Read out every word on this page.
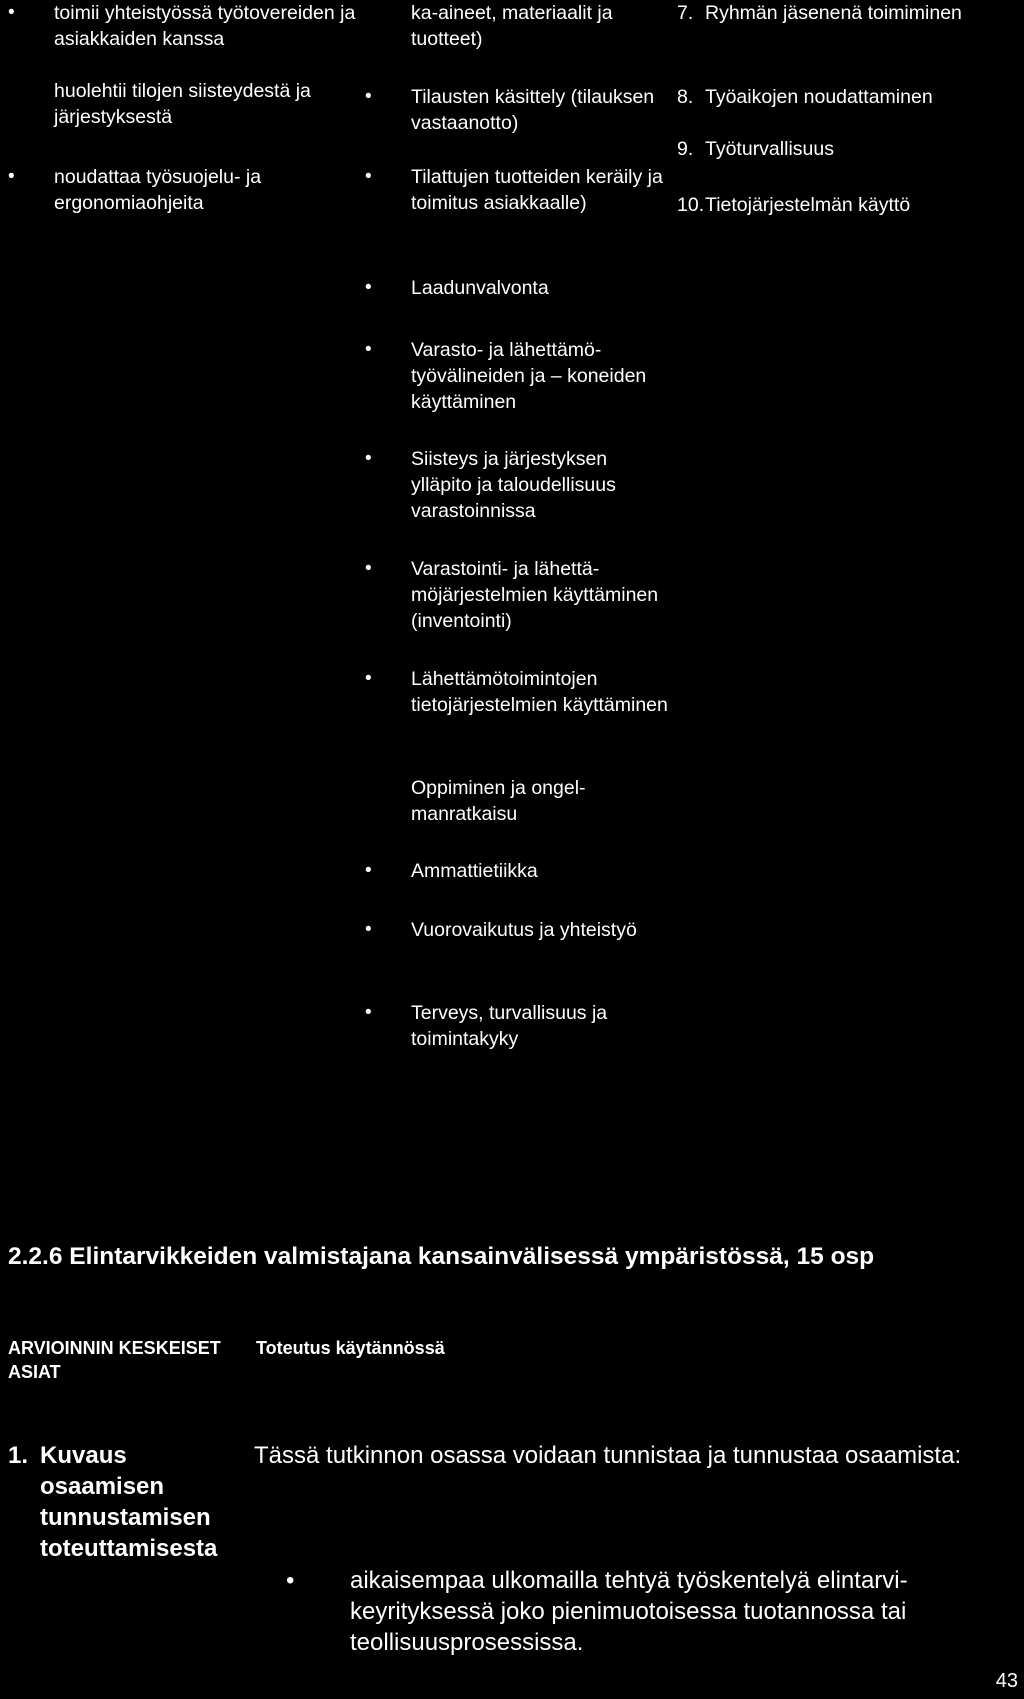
• toimii yhteistyössä työtovereiden ja asiakkaiden kanssa
huolehtii tilojen siisteydestä ja järjestyksestä
• noudattaa työsuojelu- ja ergonomiaohjeita
ka-aineet, materiaalit ja tuotteet)
• Tilausten käsittely (tilauksen vastaanotto)
• Tilattujen tuotteiden keräily ja toimitus asiakkaalle)
• Laadunvalvonta
• Varasto- ja lähettämötyövälineiden ja – koneiden käyttäminen
• Siisteys ja järjestyksen ylläpito ja taloudellisuus varastoinnissa
• Varastointi- ja lähettämöjärjestelmien käyttäminen (inventointi)
• Lähettämötoimintojen tietojärjestelmien käyttäminen
Oppiminen ja ongelmanratkaisu
• Ammattietiikka
• Vuorovaikutus ja yhteistyö
• Terveys, turvallisuus ja toimintakyky
7. Ryhmän jäsenenä toimiminen
8. Työaikojen noudattaminen
9. Työturvallisuus
10. Tietojärjestelmän käyttö
2.2.6 Elintarvikkeiden valmistajana kansainvälisessä ympäristössä, 15 osp
ARVIOINNIN KESKEISET ASIAT
Toteutus käytännössä
1. Kuvaus osaamisen tunnustamisen toteuttamisesta
Tässä tutkinnon osassa voidaan tunnistaa ja tunnustaa osaamista:
•	aikaisempaa ulkomailla tehtyä työskentelyä elintarvikeyrityksessä joko pienimuotoisessa tuotannossa tai teollisuusprosessissa.
43
